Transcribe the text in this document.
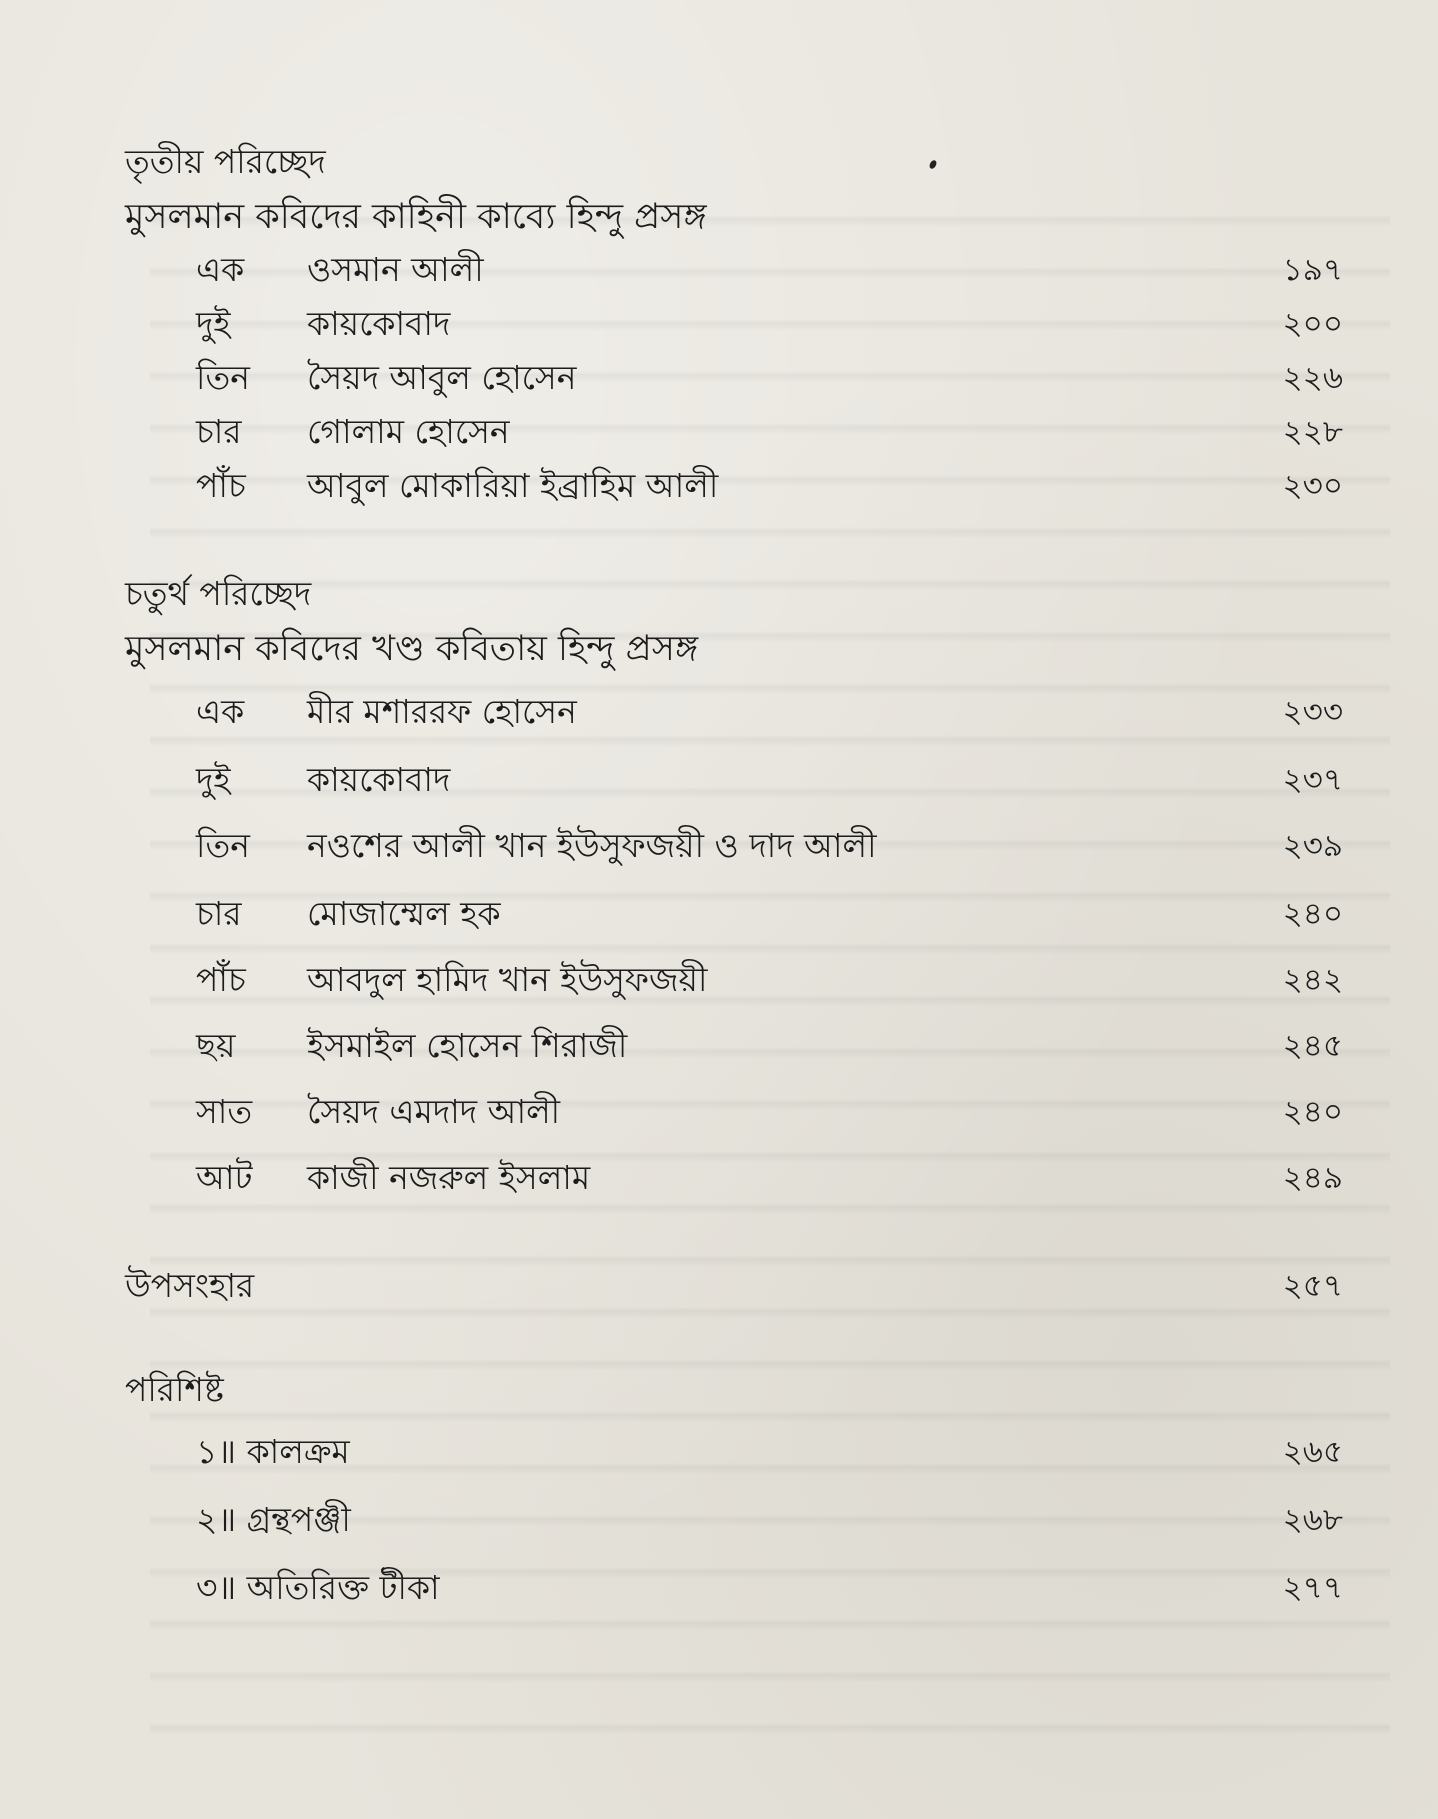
তৃতীয় পরিচ্ছেদ
মুসলমান কবিদের কাহিনী কাব্যে হিন্দু প্রসঙ্গ
এক ওসমান আলী	১৯৭
দুই কায়কোবাদ	২০০
তিন সৈয়দ আবুল হোসেন	২২৬
চার গোলাম হোসেন	২২৮
পাঁচ আবুল মোকারিয়া ইব্রাহিম আলী	২৩০
চতুর্থ পরিচ্ছেদ
মুসলমান কবিদের খণ্ড কবিতায় হিন্দু প্রসঙ্গ
এক মীর মশাররফ হোসেন	২৩৩
দুই কায়কোবাদ	২৩৭
তিন নওশের আলী খান ইউসুফজয়ী ও দাদ আলী	২৩৯
চার মোজাম্মেল হক	২৪০
পাঁচ আবদুল হামিদ খান ইউসুফজয়ী	২৪২
ছয় ইসমাইল হোসেন শিরাজী	২৪৫
সাত সৈয়দ এমদাদ আলী	২৪০
আট কাজী নজরুল ইসলাম	২৪৯
উপসংহার	২৫৭
পরিশিষ্ট
১॥ কালক্রম	২৬৫
২॥ গ্রন্থপঞ্জী	২৬৮
৩॥ অতিরিক্ত টীকা	২৭৭
